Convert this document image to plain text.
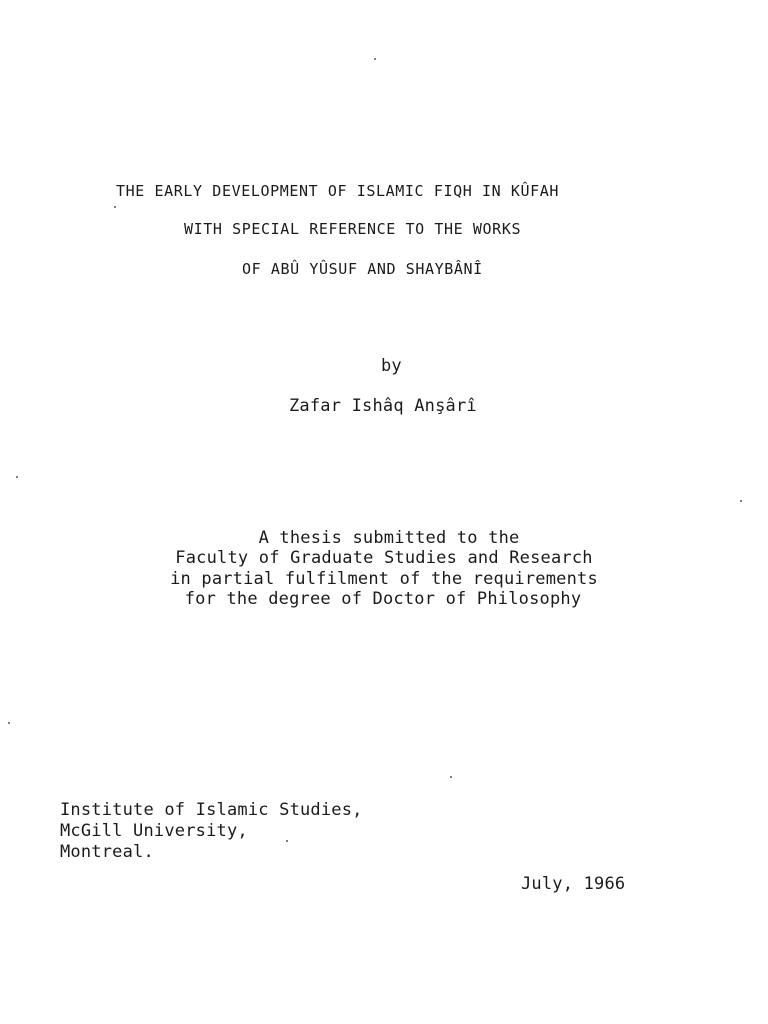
THE EARLY DEVELOPMENT OF ISLAMIC FIQH IN KÛFAH
WITH SPECIAL REFERENCE TO THE WORKS
OF ABÛ YÛSUF AND SHAYBÂNÎ
by
Zafar Ishâq Anşârî
A thesis submitted to the
Faculty of Graduate Studies and Research
in partial fulfilment of the requirements
for the degree of Doctor of Philosophy
Institute of Islamic Studies,
McGill University,
Montreal.
July, 1966
